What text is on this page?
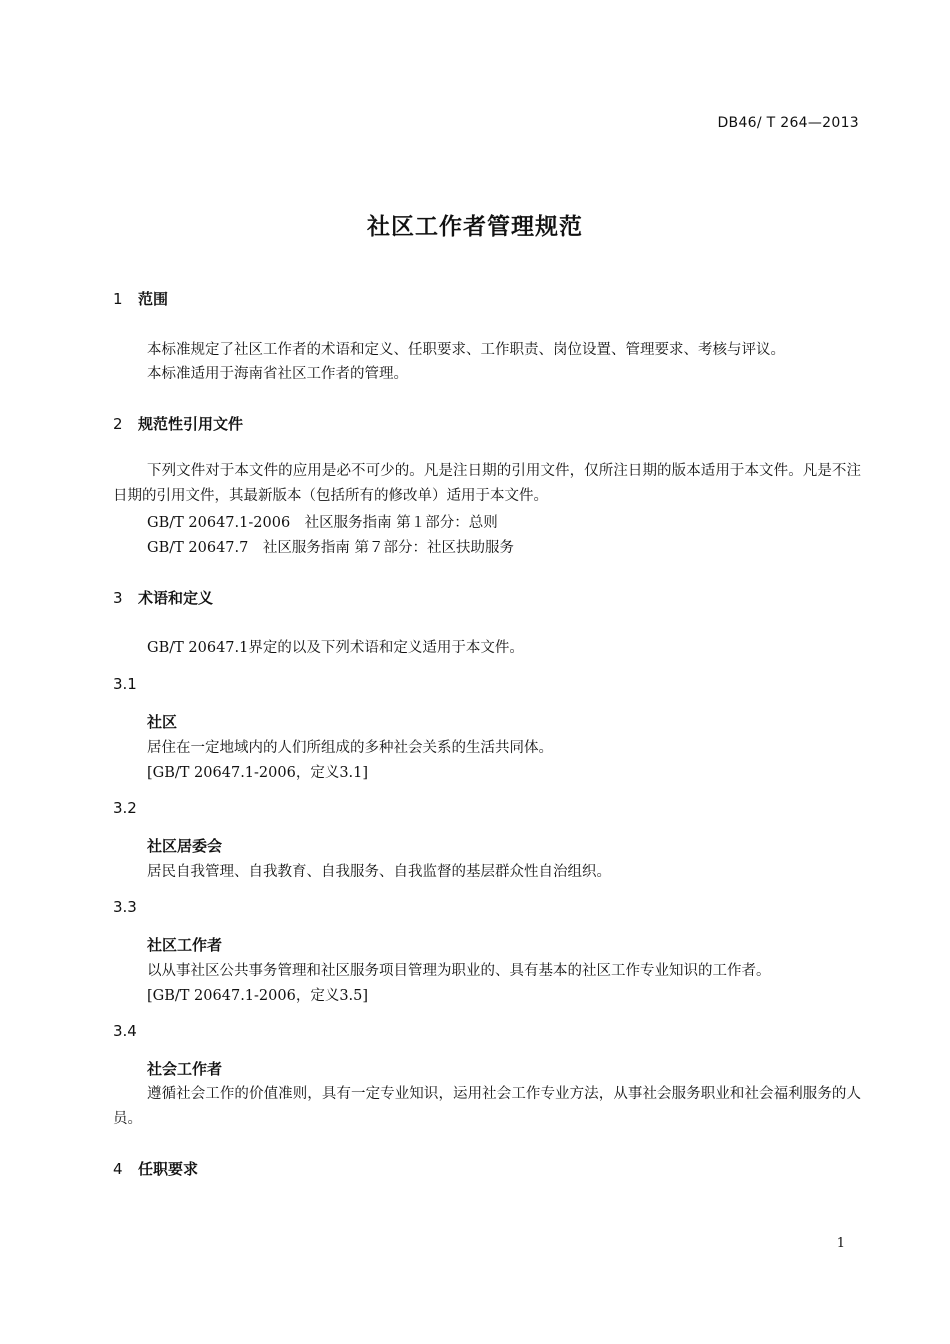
DB46/ T 264—2013
社区工作者管理规范
1 范围
本标准规定了社区工作者的术语和定义、任职要求、工作职责、岗位设置、管理要求、考核与评议。
本标准适用于海南省社区工作者的管理。
2 规范性引用文件
下列文件对于本文件的应用是必不可少的。凡是注日期的引用文件，仅所注日期的版本适用于本文件。凡是不注日期的引用文件，其最新版本（包括所有的修改单）适用于本文件。
GB/T 20647.1-2006　社区服务指南 第１部分：总则
GB/T 20647.7　社区服务指南 第７部分：社区扶助服务
3 术语和定义
GB/T 20647.1界定的以及下列术语和定义适用于本文件。
3.1
社区
居住在一定地域内的人们所组成的多种社会关系的生活共同体。
[GB/T 20647.1-2006，定义3.1]
3.2
社区居委会
居民自我管理、自我教育、自我服务、自我监督的基层群众性自治组织。
3.3
社区工作者
以从事社区公共事务管理和社区服务项目管理为职业的、具有基本的社区工作专业知识的工作者。
[GB/T 20647.1-2006，定义3.5]
3.4
社会工作者
遵循社会工作的价值准则，具有一定专业知识，运用社会工作专业方法，从事社会服务职业和社会福利服务的人员。
4 任职要求
1
